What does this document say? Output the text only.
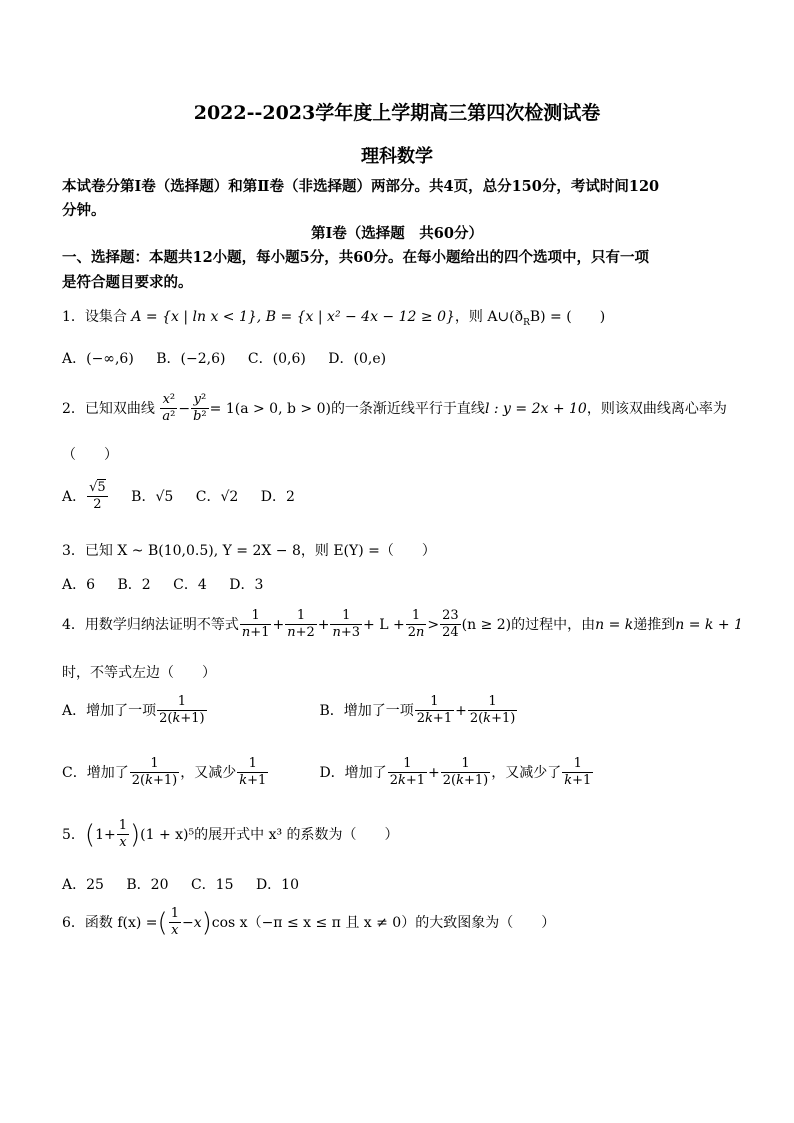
2022--2023学年度上学期高三第四次检测试卷
理科数学
本试卷分第Ⅰ卷（选择题）和第Ⅱ卷（非选择题）两部分。共4页，总分150分，考试时间120
分钟。
第Ⅰ卷（选择题　共60分）
一、选择题：本题共12小题，每小题5分，共60分。在每小题给出的四个选项中，只有一项
是符合题目要求的。
1．设集合 A = {x | ln x < 1}, B = {x | x² − 4x − 12 ≥ 0}，则 $A\cup(ð_RB)$ = (　　)
A．(−∞,6) B．(−2,6) C．(0,6) D．(0,e)
2．已知双曲线 $\frac{\text{x²}}{\text{a²}} - \frac{\text{y²}}{\text{b²}} = 1(a > 0$, b > 0)的一条渐近线平行于直线l : y = 2x + 10，则该双曲线离心率为
（　　）
A． $\frac{√5}{2}$ B．√5 C．√2 D．2
3．已知 X ~ B(10,0.5), Y = 2X − 8，则 E(Y) =（　　）
A．6 B．2 C．4 D．3
4．用数学归纳法证明不等式 $\frac{1}{n+1} + \frac{1}{n+2} + \frac{1}{n+3} + L + \frac{1}{2n} > \frac{23}{24} (n \ge 2)$的过程中，由n = k递推到n = k + 1
时，不等式左边（　　）
A．增加了一项 $\frac{1}{2(k+1)}$	B．增加了一项 $\frac{1}{2k+1} + \frac{1}{2(k+1)}$
C．增加了 $\frac{1}{2(k+1)}$ ，又减少 $\frac{1}{k+1}$	D．增加了 $\frac{1}{2k+1} + \frac{1}{2(k+1)}$ ，又减少了 $\frac{1}{k+1}$
5．$(1+ \frac{1}{x} )(1 + x)^5$的展开式中 x³ 的系数为（　　）
A．25 B．20 C．15 D．10
6．函数 f(x) =( $\frac{1}{x} -x)\cos$ x（−π ≤ x ≤ π 且 x ≠ 0）的大致图象为（　　）
